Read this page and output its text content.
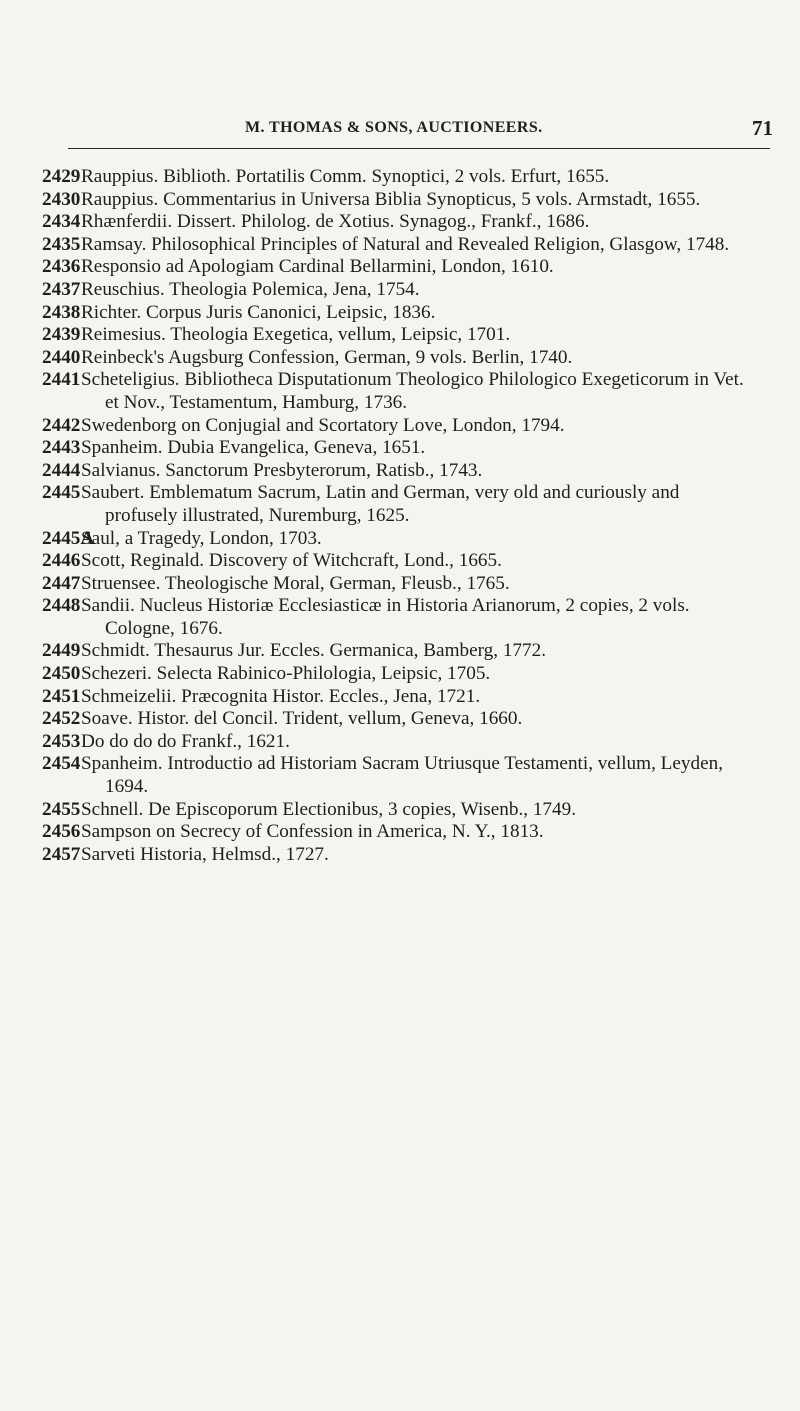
M. THOMAS & SONS, AUCTIONEERS.	71
2429 Rauppius. Biblioth. Portatilis Comm. Synoptici, 2 vols. Erfurt, 1655.
2430 Rauppius. Commentarius in Universa Biblia Synopticus, 5 vols. Armstadt, 1655.
2434 Rhænferdii. Dissert. Philolog. de Xotius. Synagog., Frankf., 1686.
2435 Ramsay. Philosophical Principles of Natural and Revealed Religion, Glasgow, 1748.
2436 Responsio ad Apologiam Cardinal Bellarmini, London, 1610.
2437 Reuschius. Theologia Polemica, Jena, 1754.
2438 Richter. Corpus Juris Canonici, Leipsic, 1836.
2439 Reimesius. Theologia Exegetica, vellum, Leipsic, 1701.
2440 Reinbeck's Augsburg Confession, German, 9 vols. Berlin, 1740.
2441 Scheteligius. Bibliotheca Disputationum Theologico Philologico Exegeticorum in Vet. et Nov., Testamentum, Hamburg, 1736.
2442 Swedenborg on Conjugial and Scortatory Love, London, 1794.
2443 Spanheim. Dubia Evangelica, Geneva, 1651.
2444 Salvianus. Sanctorum Presbyterorum, Ratisb., 1743.
2445 Saubert. Emblematum Sacrum, Latin and German, very old and curiously and profusely illustrated, Nuremburg, 1625.
2445A
Saul, a Tragedy, London, 1703.
2446 Scott, Reginald. Discovery of Witchcraft, Lond., 1665.
2447 Struensee. Theologische Moral, German, Fleusb., 1765.
2448 Sandii. Nucleus Historiæ Ecclesiasticæ in Historia Arianorum, 2 copies, 2 vols. Cologne, 1676.
2449 Schmidt. Thesaurus Jur. Eccles. Germanica, Bamberg, 1772.
2450 Schezeri. Selecta Rabinico-Philologia, Leipsic, 1705.
2451 Schmeizelii. Præcognita Histor. Eccles., Jena, 1721.
2452 Soave. Histor. del Concil. Trident, vellum, Geneva, 1660.
2453 Do do do do Frankf., 1621.
2454 Spanheim. Introductio ad Historiam Sacram Utriusque Testamenti, vellum, Leyden, 1694.
2455 Schnell. De Episcoporum Electionibus, 3 copies, Wisenb., 1749.
2456 Sampson on Secrecy of Confession in America, N. Y., 1813.
2457 Sarveti Historia, Helmsd., 1727.
